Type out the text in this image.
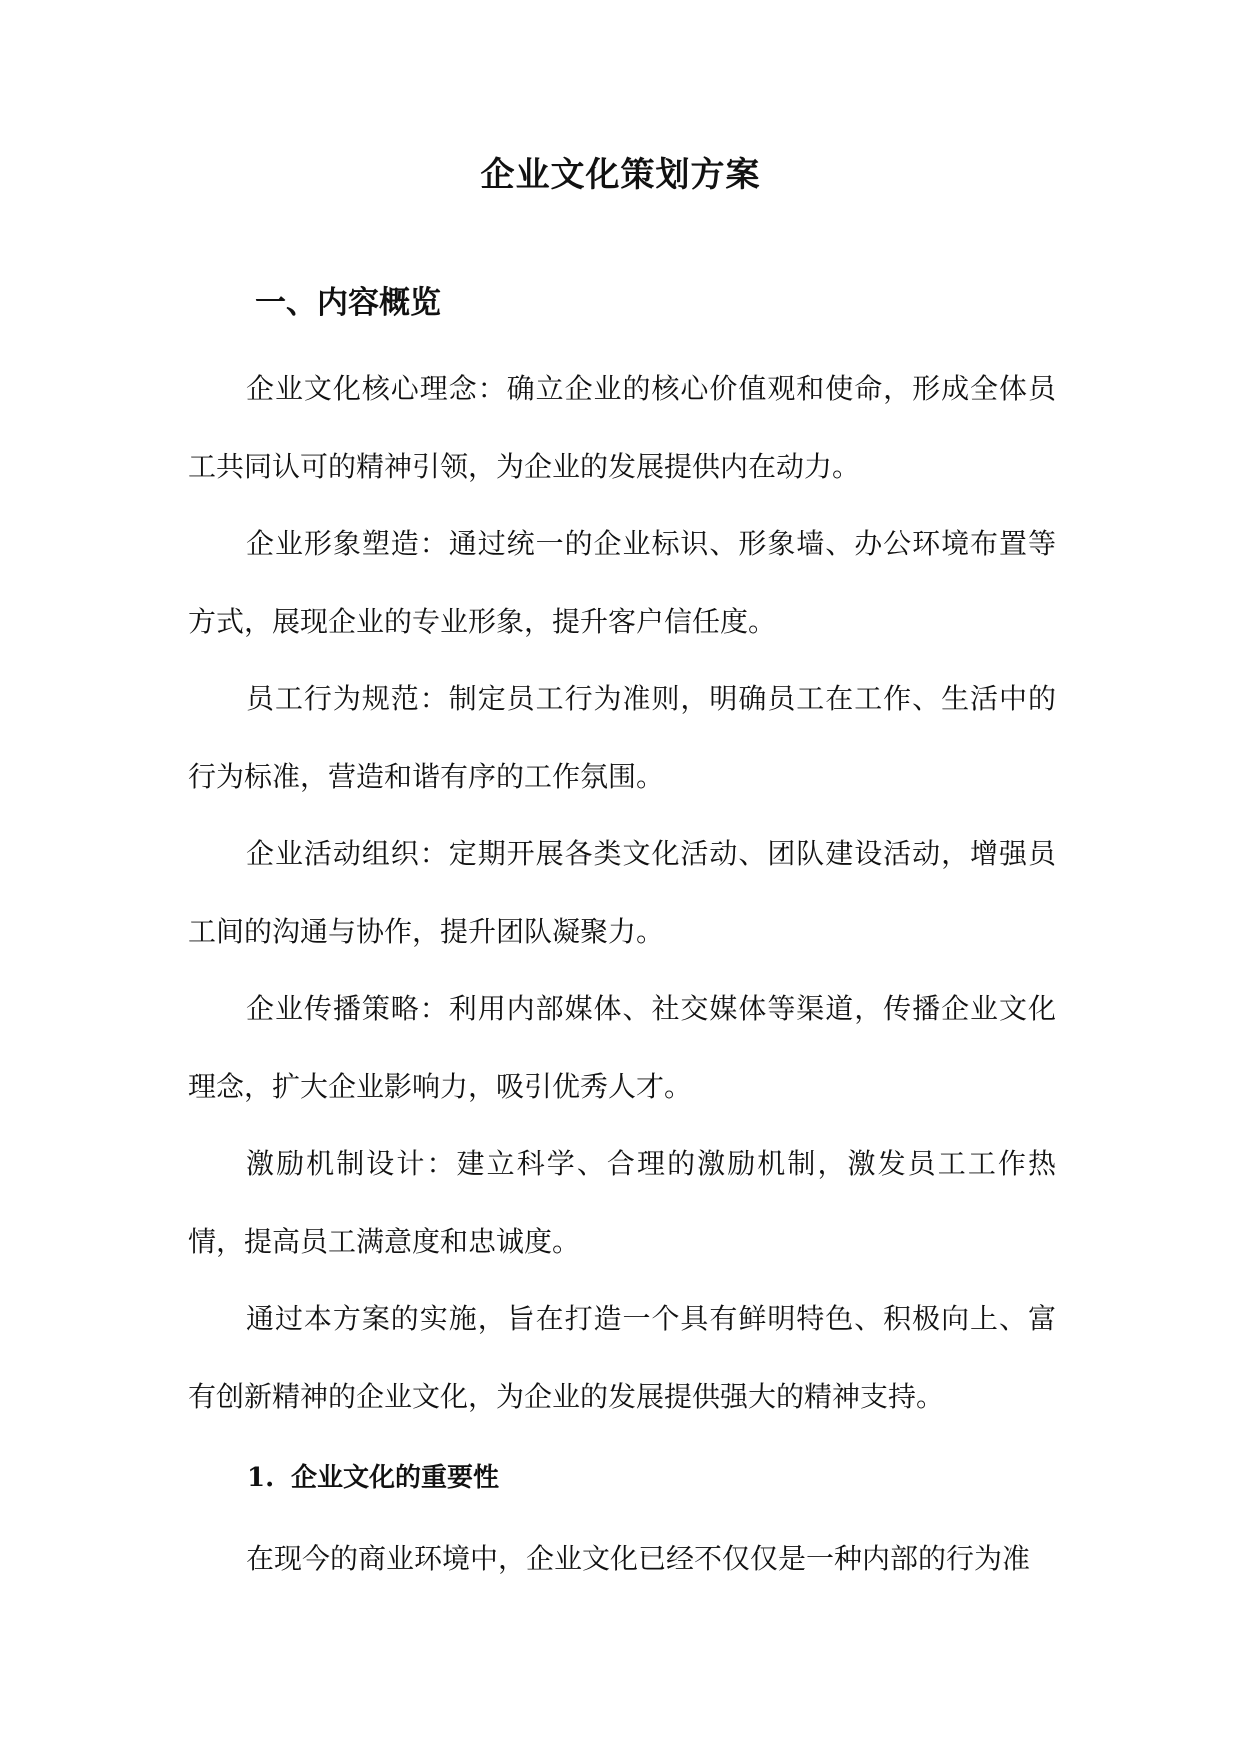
企业文化策划方案
一、内容概览

企业文化核心理念：确立企业的核心价值观和使命，形成全体员工共同认可的精神引领，为企业的发展提供内在动力。

企业形象塑造：通过统一的企业标识、形象墙、办公环境布置等方式，展现企业的专业形象，提升客户信任度。

员工行为规范：制定员工行为准则，明确员工在工作、生活中的行为标准，营造和谐有序的工作氛围。

企业活动组织：定期开展各类文化活动、团队建设活动，增强员工间的沟通与协作，提升团队凝聚力。

企业传播策略：利用内部媒体、社交媒体等渠道，传播企业文化理念，扩大企业影响力，吸引优秀人才。

激励机制设计：建立科学、合理的激励机制，激发员工工作热情，提高员工满意度和忠诚度。

通过本方案的实施，旨在打造一个具有鲜明特色、积极向上、富有创新精神的企业文化，为企业的发展提供强大的精神支持。

1. 企业文化的重要性

在现今的商业环境中，企业文化已经不仅仅是一种内部的行为准
